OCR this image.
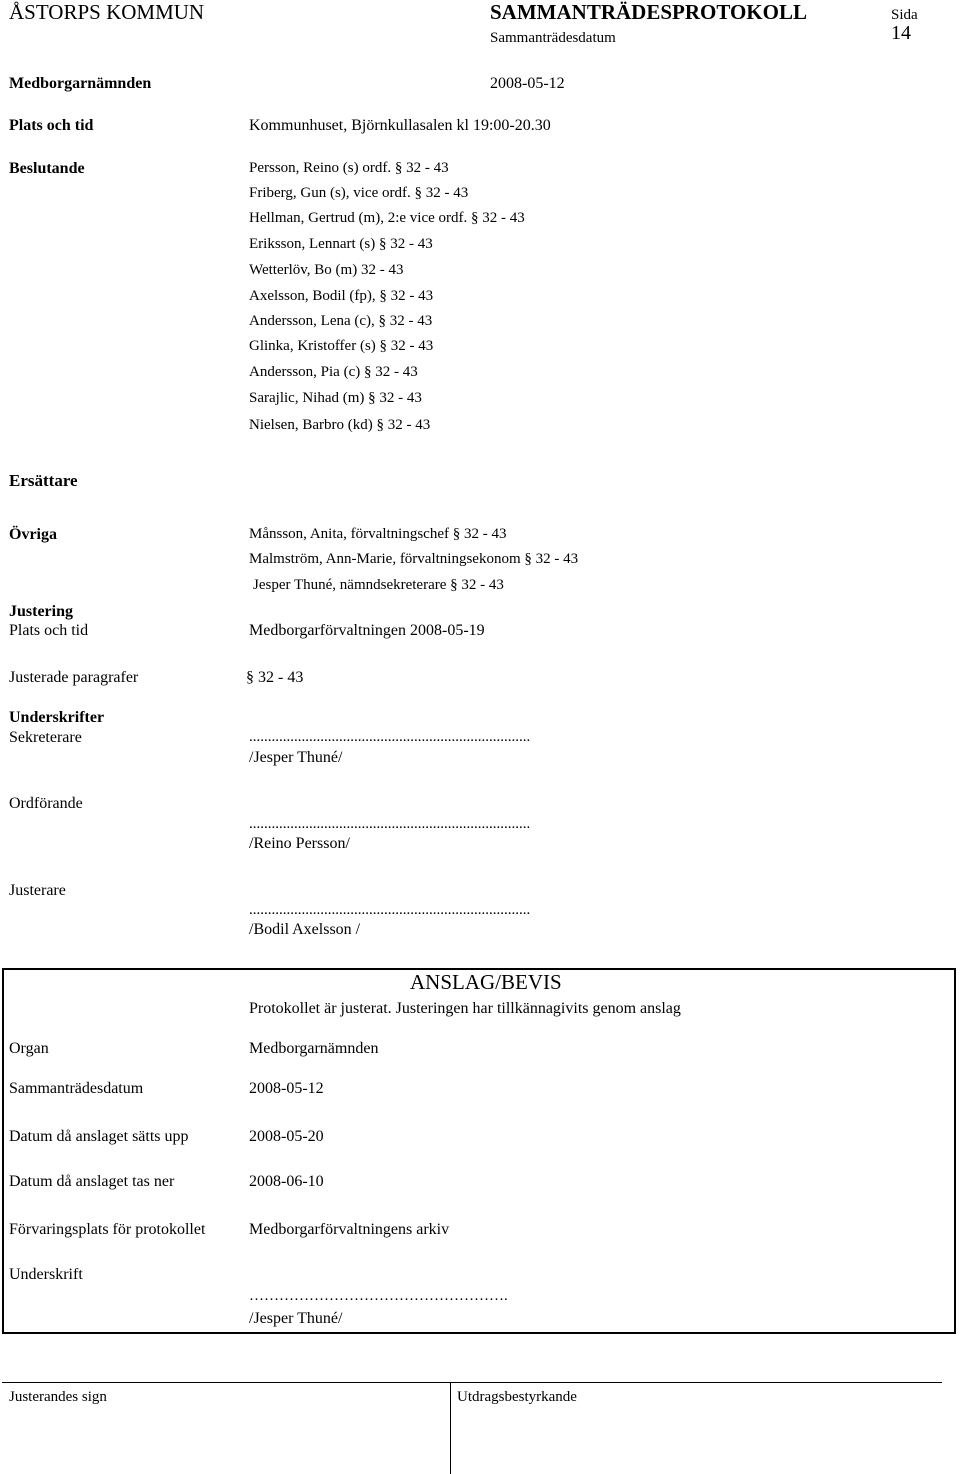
ÅSTORPS KOMMUN	SAMMANTRÄDESPROTOKOLL
Sammanträdesdatum
Sida
14
Medborgarnämnden	2008-05-12
Plats och tid	Kommunhuset, Björnkullasalen kl 19:00-20.30
Beslutande	Persson, Reino (s) ordf. § 32 - 43
Friberg, Gun (s), vice ordf. § 32 - 43
Hellman, Gertrud (m), 2:e vice ordf. § 32 - 43
Eriksson, Lennart (s) § 32 - 43
Wetterlöv, Bo (m) 32 - 43
Axelsson, Bodil (fp), § 32 - 43
Andersson, Lena (c), § 32 - 43
Glinka, Kristoffer (s) § 32 - 43
Andersson, Pia (c) § 32 - 43
Sarajlic, Nihad (m) § 32 - 43
Nielsen, Barbro (kd) § 32 - 43
Ersättare
Övriga	Månsson, Anita, förvaltningschef § 32 - 43
Malmström, Ann-Marie, förvaltningsekonom § 32 - 43
Jesper Thuné, nämndsekreterare § 32 - 43
Justering
Plats och tid	Medborgarförvaltningen 2008-05-19
Justerade paragrafer	§ 32 - 43
Underskrifter
Sekreterare	...........................................................................
/Jesper Thuné/
Ordförande
...........................................................................
/Reino Persson/
Justerare
...........................................................................
/Bodil Axelsson /
ANSLAG/BEVIS
Protokollet är justerat. Justeringen har tillkännagivits genom anslag
Organ	Medborgarnämnden
Sammanträdesdatum	2008-05-12
Datum då anslaget sätts upp	2008-05-20
Datum då anslaget tas ner	2008-06-10
Förvaringsplats för protokollet	Medborgarförvaltningens arkiv
Underskrift
…………………………………………….
/Jesper Thuné/
Justerandes sign	Utdragsbestyrkande
